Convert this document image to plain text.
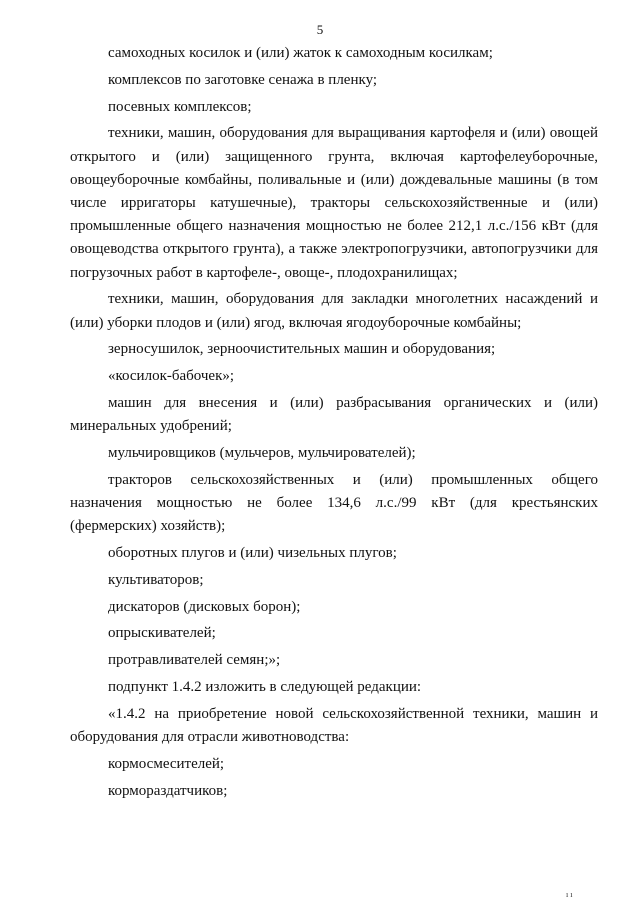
5

самоходных косилок и (или) жаток к самоходным косилкам;

комплексов по заготовке сенажа в пленку;

посевных комплексов;

техники, машин, оборудования для выращивания картофеля и (или) овощей открытого и (или) защищенного грунта, включая картофелеуборочные, овощеуборочные комбайны, поливальные и (или) дождевальные машины (в том числе ирригаторы катушечные), тракторы сельскохозяйственные и (или) промышленные общего назначения мощностью не более 212,1 л.с./156 кВт (для овощеводства открытого грунта), а также электропогрузчики, автопогрузчики для погрузочных работ в картофеле-, овоще-, плодохранилищах;

техники, машин, оборудования для закладки многолетних насаждений и (или) уборки плодов и (или) ягод, включая ягодоуборочные комбайны;

зерносушилок, зерноочистительных машин и оборудования;

«косилок-бабочек»;

машин для внесения и (или) разбрасывания органических и (или) минеральных удобрений;

мульчировщиков (мульчеров, мульчирователей);

тракторов сельскохозяйственных и (или) промышленных общего назначения мощностью не более 134,6 л.с./99 кВт (для крестьянских (фермерских) хозяйств);

оборотных плугов и (или) чизельных плугов;

культиваторов;

дискаторов (дисковых борон);

опрыскивателей;

протравливателей семян;»;

подпункт 1.4.2 изложить в следующей редакции:

«1.4.2 на приобретение новой сельскохозяйственной техники, машин и оборудования для отрасли животноводства:

кормосмесителей;

кормораздатчиков;

ı ı
